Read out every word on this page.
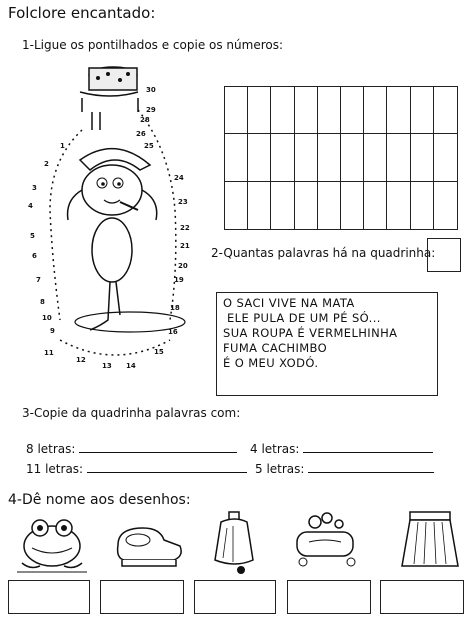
Folclore encantado:
1-Ligue os pontilhados e copie os números:
9
10
11
12
13 14
15
16
18
19
20
21
22
23
24
25
26
28
29
30
3
4
5
6
7
8
2
1
2-Quantas palavras há na quadrinha:
O SACI VIVE NA MATA
ELE PULA DE UM PÉ SÓ...
SUA ROUPA É VERMELHINHA
FUMA CACHIMBO
É O MEU XODÓ.
3-Copie da quadrinha palavras com:
8 letras:	4 letras:
11 letras:	5 letras:
4-Dê nome aos desenhos:
